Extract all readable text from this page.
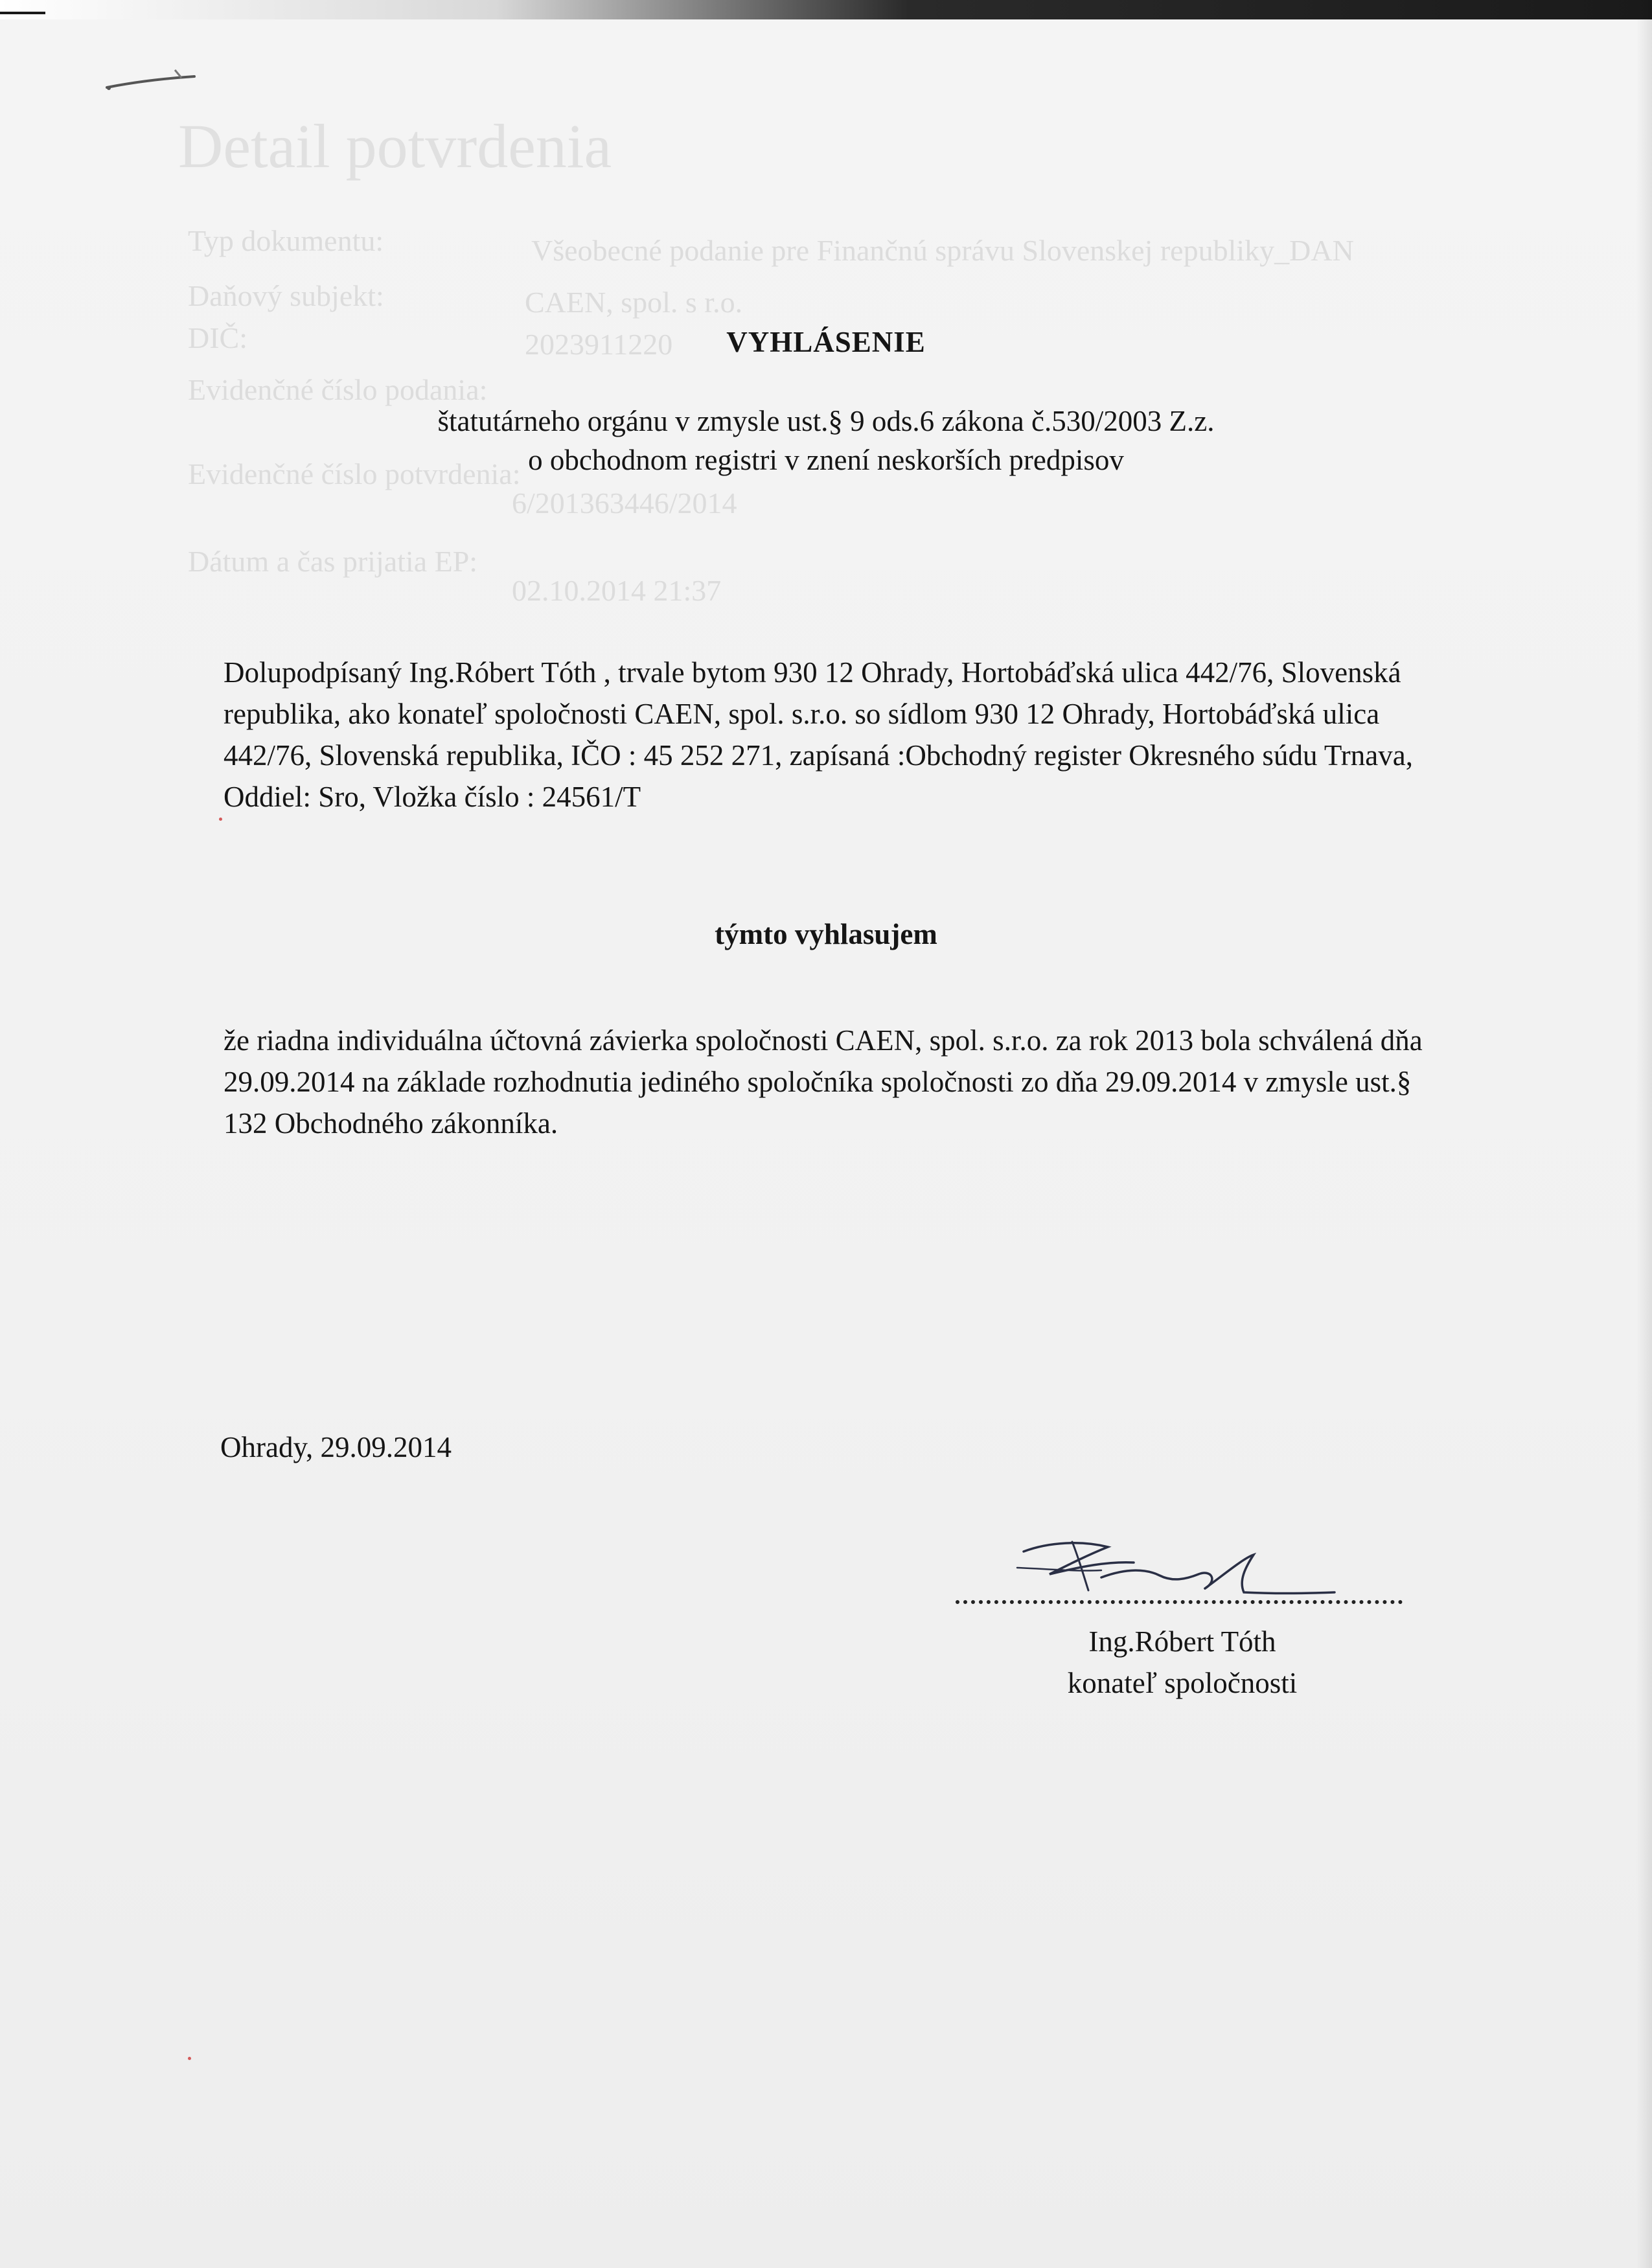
Detail potvrdenia
Typ dokumentu:	Všeobecné podanie pre Finančnú správu Slovenskej republiky_DAN
Daňový subjekt:	CAEN, spol. s r.o.
DIČ:	2023911220
Evidenčné číslo podania:
Evidenčné číslo potvrdenia:
6/201363446/2014
Dátum a čas prijatia EP:
02.10.2014 21:37
VYHLÁSENIE
štatutárneho orgánu v zmysle ust.§ 9 ods.6 zákona č.530/2003 Z.z.
o obchodnom registri v znení neskorších predpisov

Dolupodpísaný Ing.Róbert Tóth , trvale bytom 930 12 Ohrady, Hortobáďská ulica 442/76, Slovenská republika, ako konateľ spoločnosti CAEN, spol. s.r.o. so sídlom 930 12 Ohrady, Hortobáďská ulica 442/76, Slovenská republika, IČO : 45 252 271, zapísaná :Obchodný register Okresného súdu Trnava, Oddiel: Sro, Vložka číslo : 24561/T

týmto vyhlasujem

že riadna individuálna účtovná závierka spoločnosti CAEN, spol. s.r.o. za rok 2013 bola schválená dňa 29.09.2014 na základe rozhodnutia jediného spoločníka spoločnosti zo dňa 29.09.2014 v zmysle ust.§ 132 Obchodného zákonníka.

Ohrady, 29.09.2014
Ing.Róbert Tóth
konateľ spoločnosti
